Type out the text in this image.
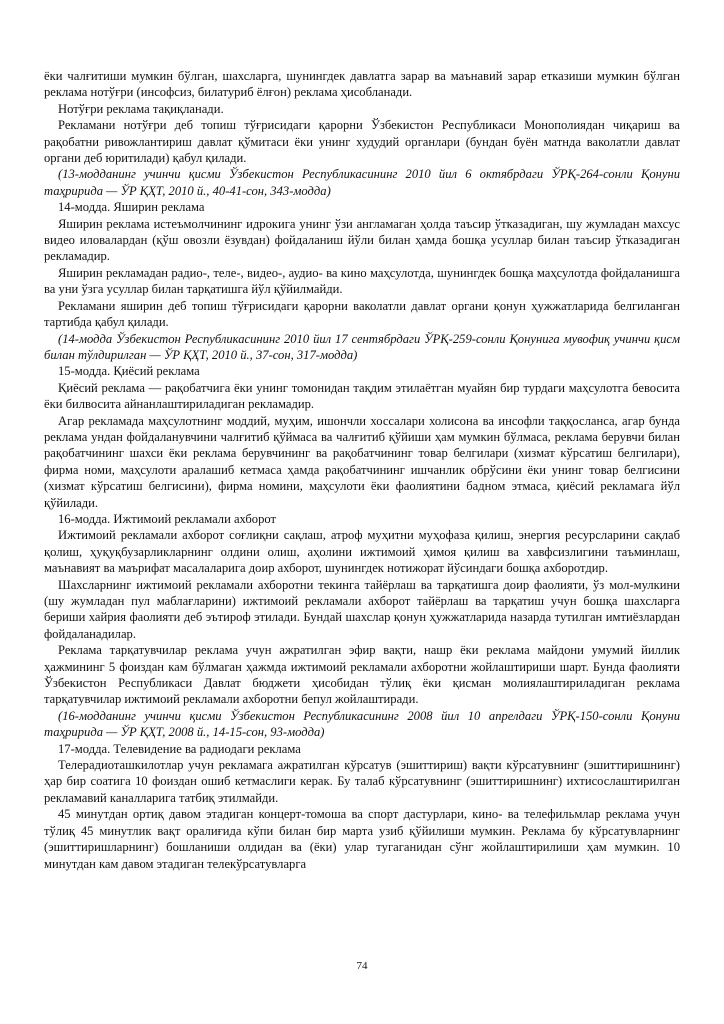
ёки чалғитиши мумкин бўлган, шахсларга, шунингдек давлатга зарар ва маънавий зарар етказиши мумкин бўлган реклама нотўғри (инсофсиз, билатуриб ёлғон) реклама ҳисобланади.

Нотўғри реклама тақиқланади.

Рекламани нотўғри деб топиш тўғрисидаги қарорни Ўзбекистон Республикаси Монополиядан чиқариш ва рақобатни ривожлантириш давлат қўмитаси ёки унинг худудий органлари (бундан буён матнда ваколатли давлат органи деб юритилади) қабул қилади.

(13-модданинг учинчи қисми Ўзбекистон Республикасининг 2010 йил 6 октябрдаги ЎРҚ-264-сонли Қонуни таҳририда — ЎР ҚҲТ, 2010 й., 40-41-сон, 343-модда)

14-модда. Яширин реклама

Яширин реклама истеъмолчининг идрокига унинг ўзи англамаган ҳолда таъсир ўтказадиган, шу жумладан махсус видео иловалардан (қўш овозли ёзувдан) фойдаланиш йўли билан ҳамда бошқа усуллар билан таъсир ўтказадиган рекламадир.

Яширин рекламадан радио-, теле-, видео-, аудио- ва кино маҳсулотда, шунингдек бошқа маҳсулотда фойдаланишга ва уни ўзга усуллар билан тарқатишга йўл қўйилмайди.

Рекламани яширин деб топиш тўғрисидаги қарорни ваколатли давлат органи қонун ҳужжатларида белгиланган тартибда қабул қилади.

(14-модда Ўзбекистон Республикасининг 2010 йил 17 сентябрдаги ЎРҚ-259-сонли Қонунига мувофиқ учинчи қисм билан тўлдирилган — ЎР ҚҲТ, 2010 й., 37-сон, 317-модда)

15-модда. Қиёсий реклама

Қиёсий реклама — рақобатчига ёки унинг томонидан тақдим этилаётган муайян бир турдаги маҳсулотга бевосита ёки билвосита айнанлаштириладиган рекламадир.

Агар рекламада маҳсулотнинг моддий, муҳим, ишончли хоссалари холисона ва инсофли таққосланса, агар бунда реклама ундан фойдаланувчини чалғитиб қўймаса ва чалғитиб қўйиши ҳам мумкин бўлмаса, реклама берувчи билан рақобатчининг шахси ёки реклама берувчининг ва рақобатчининг товар белгилари (хизмат кўрсатиш белгилари), фирма номи, маҳсулоти аралашиб кетмаса ҳамда рақобатчининг ишчанлик обрўсини ёки унинг товар белгисини (хизмат кўрсатиш белгисини), фирма номини, маҳсулоти ёки фаолиятини бадном этмаса, қиёсий рекламага йўл қўйилади.

16-модда. Ижтимоий рекламали ахборот

Ижтимоий рекламали ахборот соғлиқни сақлаш, атроф муҳитни муҳофаза қилиш, энергия ресурсларини сақлаб қолиш, ҳуқуқбузарликларнинг олдини олиш, аҳолини ижтимоий ҳимоя қилиш ва хавфсизлигини таъминлаш, маънавият ва маърифат масалаларига доир ахборот, шунингдек нотижорат йўсиндаги бошқа ахборотдир.

Шахсларнинг ижтимоий рекламали ахборотни текинга тайёрлаш ва тарқатишга доир фаолияти, ўз мол-мулкини (шу жумладан пул маблағларини) ижтимоий рекламали ахборот тайёрлаш ва тарқатиш учун бошқа шахсларга бериши хайрия фаолияти деб эътироф этилади. Бундай шахслар қонун ҳужжатларида назарда тутилган имтиёзлардан фойдаланадилар.

Реклама тарқатувчилар реклама учун ажратилган эфир вақти, нашр ёки реклама майдони умумий йиллик ҳажмининг 5 фоиздан кам бўлмаган ҳажмда ижтимоий рекламали ахборотни жойлаштириши шарт. Бунда фаолияти Ўзбекистон Республикаси Давлат бюджети ҳисобидан тўлиқ ёки қисман молиялаштириладиган реклама тарқатувчилар ижтимоий рекламали ахборотни бепул жойлаштиради.

(16-модданинг учинчи қисми Ўзбекистон Республикасининг 2008 йил 10 апрелдаги ЎРҚ-150-сонли Қонуни таҳририда — ЎР ҚҲТ, 2008 й., 14-15-сон, 93-модда)

17-модда. Телевидение ва радиодаги реклама

Телерадиоташкилотлар учун рекламага ажратилган кўрсатув (эшиттириш) вақти кўрсатувнинг (эшиттиришнинг) ҳар бир соатига 10 фоиздан ошиб кетмаслиги керак. Бу талаб кўрсатувнинг (эшиттиришнинг) ихтисослаштирилган рекламавий каналларига татбиқ этилмайди.

45 минутдан ортиқ давом этадиган концерт-томоша ва спорт дастурлари, кино- ва телефильмлар реклама учун тўлиқ 45 минутлик вақт оралиғида кўпи билан бир марта узиб қўйилиши мумкин. Рекламa бу кўрсатувларнинг (эшиттиришларнинг) бошланиши олдидан ва (ёки) улар тугаганидан сўнг жойлаштирилиши ҳам мумкин. 10 минутдан кам давом этадиган телекўрсатувларга

74
